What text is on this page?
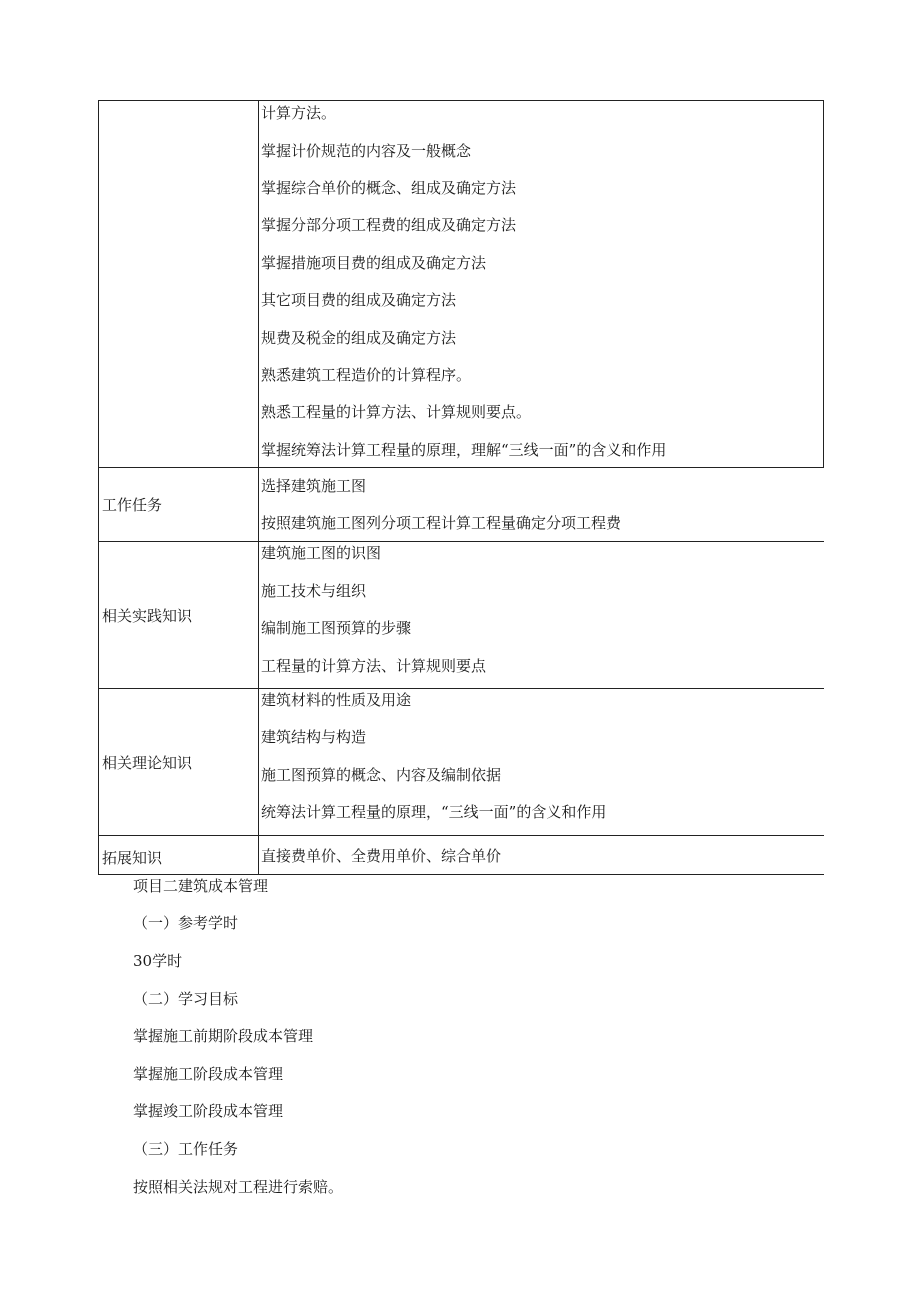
计算方法。
掌握计价规范的内容及一般概念
掌握综合单价的概念、组成及确定方法
掌握分部分项工程费的组成及确定方法
掌握措施项目费的组成及确定方法
其它项目费的组成及确定方法
规费及税金的组成及确定方法
熟悉建筑工程造价的计算程序。
熟悉工程量的计算方法、计算规则要点。
掌握统筹法计算工程量的原理，理解“三线一面”的含义和作用
工作任务
选择建筑施工图
按照建筑施工图列分项工程计算工程量确定分项工程费
相关实践知识
建筑施工图的识图
施工技术与组织
编制施工图预算的步骤
工程量的计算方法、计算规则要点
相关理论知识
建筑材料的性质及用途
建筑结构与构造
施工图预算的概念、内容及编制依据
统筹法计算工程量的原理，“三线一面”的含义和作用
拓展知识	直接费单价、全费用单价、综合单价
项目二建筑成本管理
（一）参考学时
30学时
（二）学习目标
掌握施工前期阶段成本管理
掌握施工阶段成本管理
掌握竣工阶段成本管理
（三）工作任务
按照相关法规对工程进行索赔。
